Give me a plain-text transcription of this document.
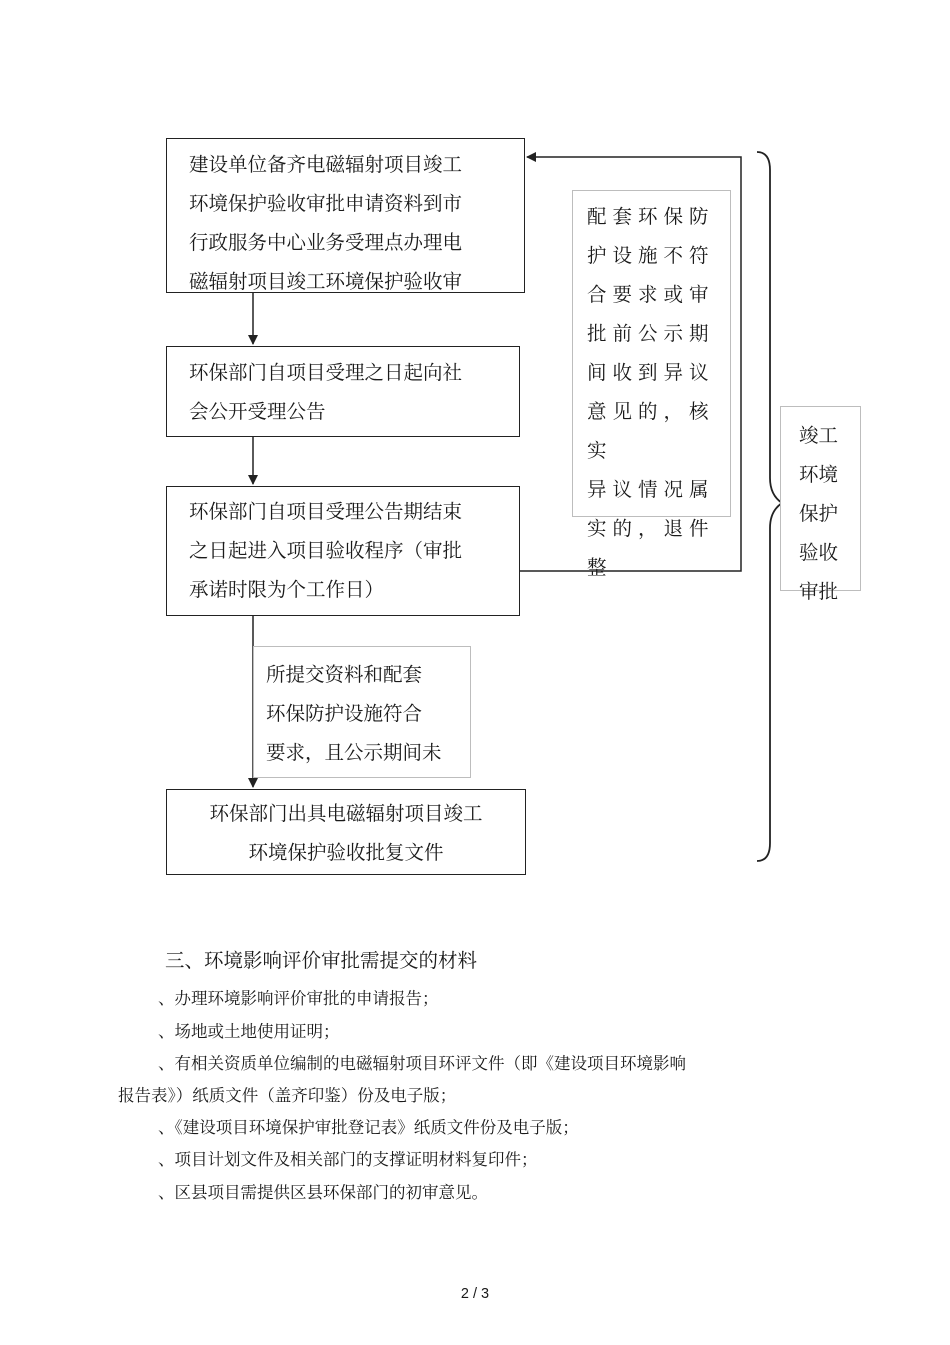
建设单位备齐电磁辐射项目竣工
环境保护验收审批申请资料到市
行政服务中心业务受理点办理电
磁辐射项目竣工环境保护验收审
环保部门自项目受理之日起向社
会公开受理公告
环保部门自项目受理公告期结束
之日起进入项目验收程序（审批
承诺时限为个工作日）
环保部门出具电磁辐射项目竣工
环境保护验收批复文件
所提交资料和配套
环保防护设施符合
要求，且公示期间未
配套环保防
护设施不符
合要求或审
批前公示期
间收到异议
意见的，核实
异议情况属
实的，退件整
竣工
环境
保护
验收
审批
三、环境影响评价审批需提交的材料
、办理环境影响评价审批的申请报告；
、场地或土地使用证明；
、有相关资质单位编制的电磁辐射项目环评文件（即《建设项目环境影响
报告表》）纸质文件（盖齐印鉴）份及电子版；
、《建设项目环境保护审批登记表》纸质文件份及电子版；
、项目计划文件及相关部门的支撑证明材料复印件；
、区县项目需提供区县环保部门的初审意见。
2 / 3
